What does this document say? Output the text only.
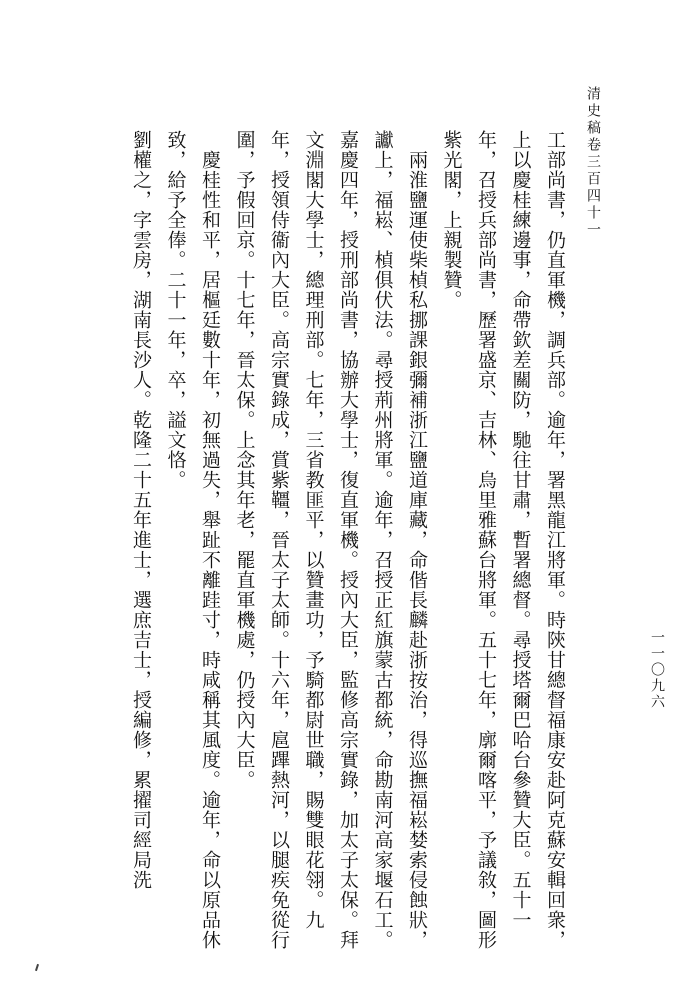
清史稿卷三百四十一
一一〇九六
工部尚書，仍直軍機，調兵部。逾年，署黑龍江將軍。時陝甘總督福康安赴阿克蘇安輯回衆，上以慶桂練邊事，命帶欽差關防，馳往甘肅，暫署總督。尋授塔爾巴哈台參贊大臣。五十一年，召授兵部尚書，歷署盛京、吉林、烏里雅蘇台將軍。五十七年，廓爾喀平，予議敘，圖形紫光閣，上親製贊。
　兩淮鹽運使柴楨私挪課銀彌補浙江鹽道庫藏，命偕長麟赴浙按治，得巡撫福崧婪索侵蝕狀，讞上，福崧、楨俱伏法。尋授荊州將軍。逾年，召授正紅旗蒙古都統，命勘南河高家堰石工。嘉慶四年，授刑部尚書，協辦大學士，復直軍機。授內大臣，監修高宗實錄，加太子太保。拜文淵閣大學士，總理刑部。七年，三省教匪平，以贊畫功，予騎都尉世職，賜雙眼花翎。九年，授領侍衞內大臣。高宗實錄成，賞紫韁，晉太子太師。十六年，扈蹕熱河，以腿疾免從行圍，予假回京。十七年，晉太保。上念其年老，罷直軍機處，仍授內大臣。
　慶桂性和平，居樞廷數十年，初無過失，舉趾不離跬寸，時咸稱其風度。逾年，命以原品休致，給予全俸。二十一年，卒，謚文恪。
劉權之，字雲房，湖南長沙人。乾隆二十五年進士，選庶吉士，授編修，累擢司經局洗
